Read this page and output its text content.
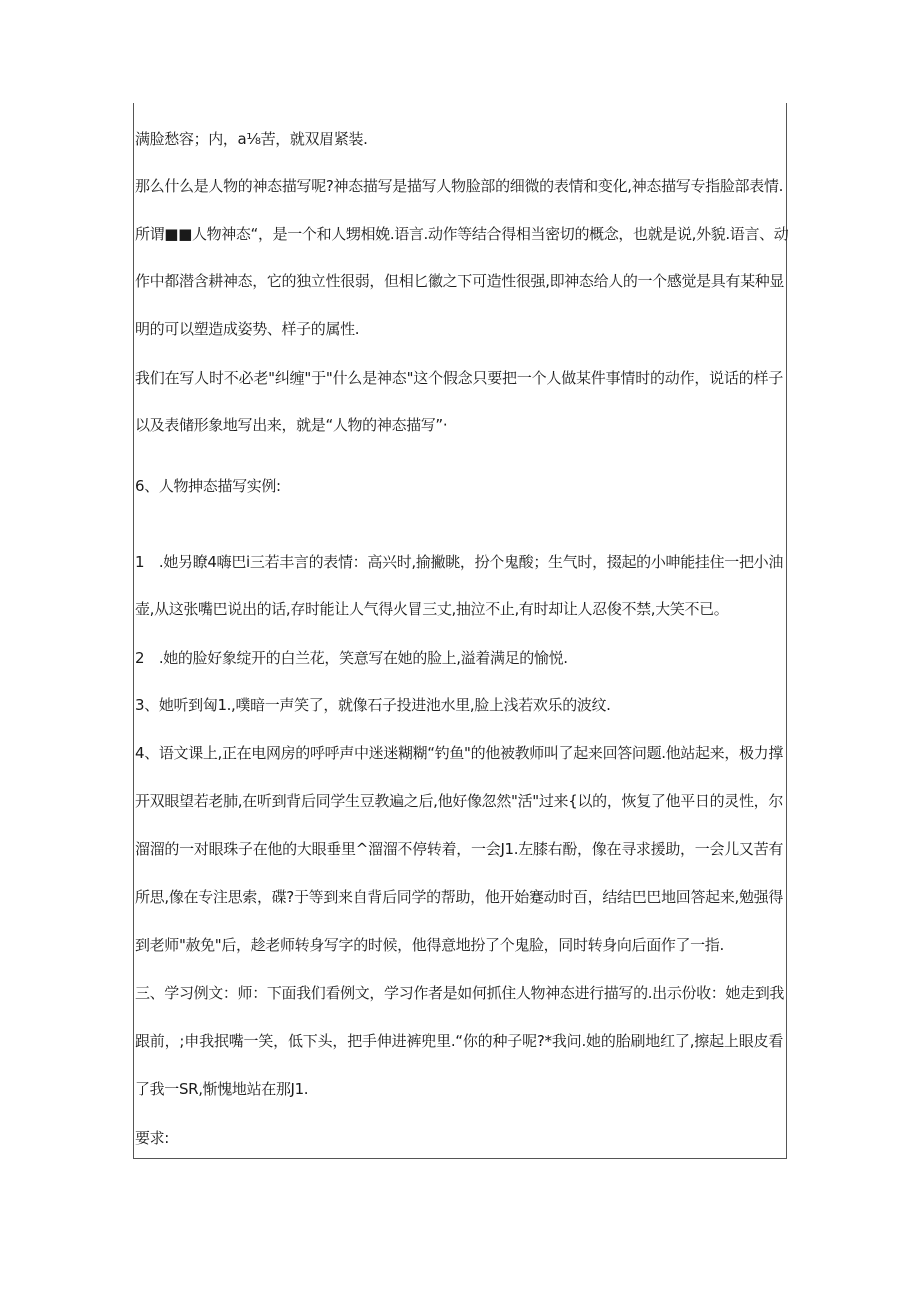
满脸愁容；内，a⅛苦，就双眉紧装.
那么什么是人物的神态描写呢?神态描写是描写人物脸部的细微的表情和变化,神态描写专指脸部表情.
所谓■■人物神态“，是一个和人甥相娩.语言.动作等结合得相当密切的概念，也就是说,外貌.语言、动
作中都潜含耕神态，它的独立性很弱，但相匕徽之下可造性很强,即神态给人的一个感觉是具有某种显
明的可以塑造成姿势、样子的属性.
我们在写人时不必老"纠缠"于"什么是神态"这个假念只要把一个人做某件事情时的动作，说话的样子
以及表储形象地写出来，就是“人物的神态描写”·
6、人物抻态描写实例:
1　.她另瞭4嗨巴i三若丰言的表情：高兴时,揄撇眺，扮个鬼酸；生气时，掇起的小呻能挂住一把小油
壶,从这张嘴巴说出的话,存时能让人气得火冒三丈,抽泣不止,有时却让人忍俊不禁,大笑不已。
2　.她的脸好象绽开的白兰花，笑意写在她的脸上,溢着满足的愉悦.
3、她听到匈1.,噗暗一声笑了，就像石子投进池水里,脸上浅若欢乐的波纹.
4、语文课上,正在电网房的呼呼声中迷迷糊糊“钓鱼"的他被教师叫了起来回答问题.他站起来，极力撑
开双眼望若老肺,在听到背后同学生豆教遍之后,他好像忽然"活"过来{以的，恢复了他平日的灵性，尔
溜溜的一对眼珠子在他的大眼垂里^溜溜不停转着，一会J1.左膝右酚，像在寻求援助，一会儿又苦有
所思,像在专注思索，碟?于等到来自背后同学的帮助，他开始蹇动时百，结结巴巴地回答起来,勉强得
到老师"赦免"后，趁老师转身写字的时候，他得意地扮了个鬼脸，同时转身向后面作了一指.
三、学习例文：师：下面我们看例文，学习作者是如何抓住人物神态进行描写的.出示份收：她走到我
跟前，;申我抿嘴一笑，低下头，把手伸进裤兜里.“你的种子呢?*我问.她的胎刷地红了,擦起上眼皮看
了我一SR,惭愧地站在那J1.
要求:
